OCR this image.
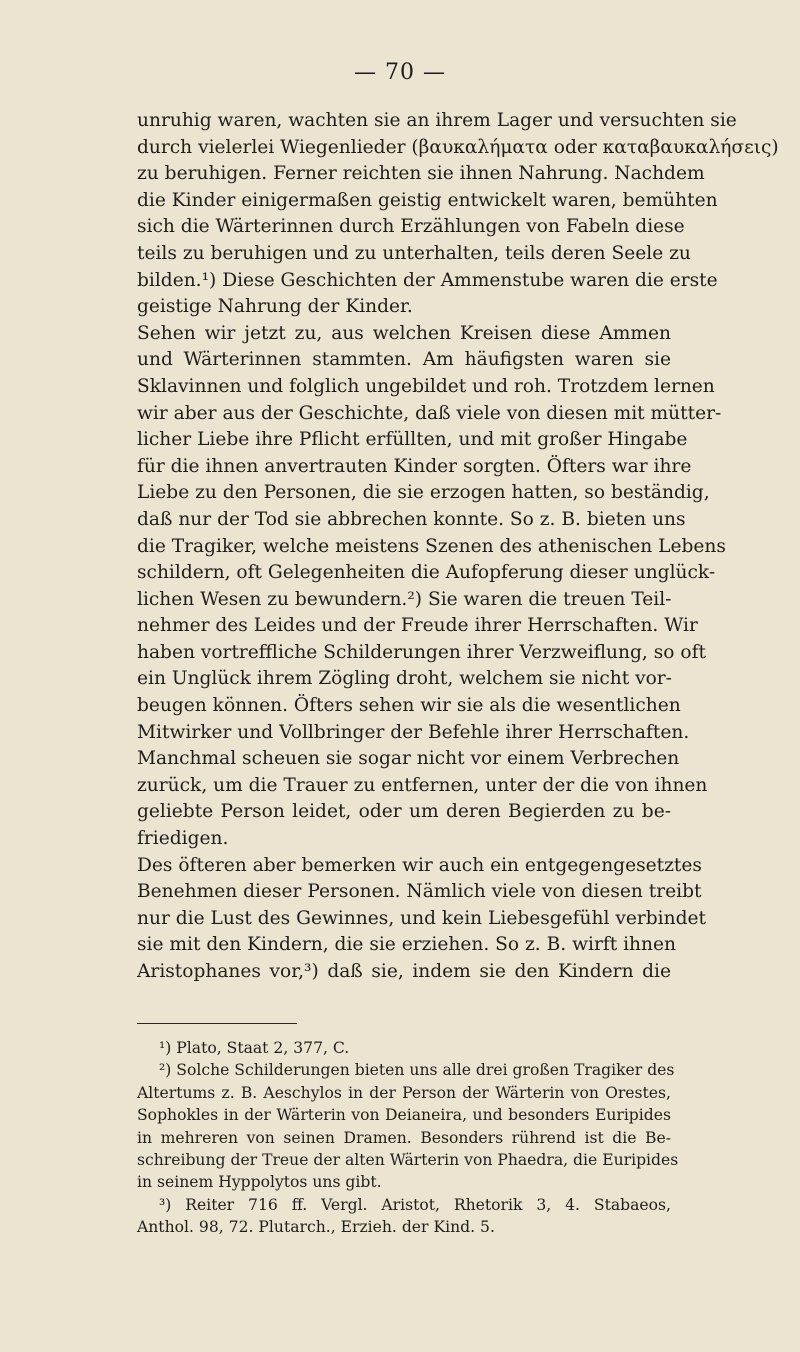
— 70 —
unruhig waren, wachten sie an ihrem Lager und versuchten sie
durch vielerlei Wiegenlieder (βαυκαλήματα oder καταβαυκαλήσεις)
zu beruhigen. Ferner reichten sie ihnen Nahrung. Nachdem
die Kinder einigermaßen geistig entwickelt waren, bemühten
sich die Wärterinnen durch Erzählungen von Fabeln diese
teils zu beruhigen und zu unterhalten, teils deren Seele zu
bilden.¹) Diese Geschichten der Ammenstube waren die erste
geistige Nahrung der Kinder.
Sehen wir jetzt zu, aus welchen Kreisen diese Ammen
und Wärterinnen stammten. Am häufigsten waren sie
Sklavinnen und folglich ungebildet und roh. Trotzdem lernen
wir aber aus der Geschichte, daß viele von diesen mit mütter-
licher Liebe ihre Pflicht erfüllten, und mit großer Hingabe
für die ihnen anvertrauten Kinder sorgten. Öfters war ihre
Liebe zu den Personen, die sie erzogen hatten, so beständig,
daß nur der Tod sie abbrechen konnte. So z. B. bieten uns
die Tragiker, welche meistens Szenen des athenischen Lebens
schildern, oft Gelegenheiten die Aufopferung dieser unglück-
lichen Wesen zu bewundern.²) Sie waren die treuen Teil-
nehmer des Leides und der Freude ihrer Herrschaften. Wir
haben vortreffliche Schilderungen ihrer Verzweiflung, so oft
ein Unglück ihrem Zögling droht, welchem sie nicht vor-
beugen können. Öfters sehen wir sie als die wesentlichen
Mitwirker und Vollbringer der Befehle ihrer Herrschaften.
Manchmal scheuen sie sogar nicht vor einem Verbrechen
zurück, um die Trauer zu entfernen, unter der die von ihnen
geliebte Person leidet, oder um deren Begierden zu be-
friedigen.
Des öfteren aber bemerken wir auch ein entgegengesetztes
Benehmen dieser Personen. Nämlich viele von diesen treibt
nur die Lust des Gewinnes, und kein Liebesgefühl verbindet
sie mit den Kindern, die sie erziehen. So z. B. wirft ihnen
Aristophanes vor,³) daß sie, indem sie den Kindern die
¹) Plato, Staat 2, 377, C.
²) Solche Schilderungen bieten uns alle drei großen Tragiker des
Altertums z. B. Aeschylos in der Person der Wärterin von Orestes,
Sophokles in der Wärterin von Deianeira, und besonders Euripides
in mehreren von seinen Dramen. Besonders rührend ist die Be-
schreibung der Treue der alten Wärterin von Phaedra, die Euripides
in seinem Hyppolytos uns gibt.
³) Reiter 716 ff. Vergl. Aristot, Rhetorik 3, 4. Stabaeos,
Anthol. 98, 72. Plutarch., Erzieh. der Kind. 5.
